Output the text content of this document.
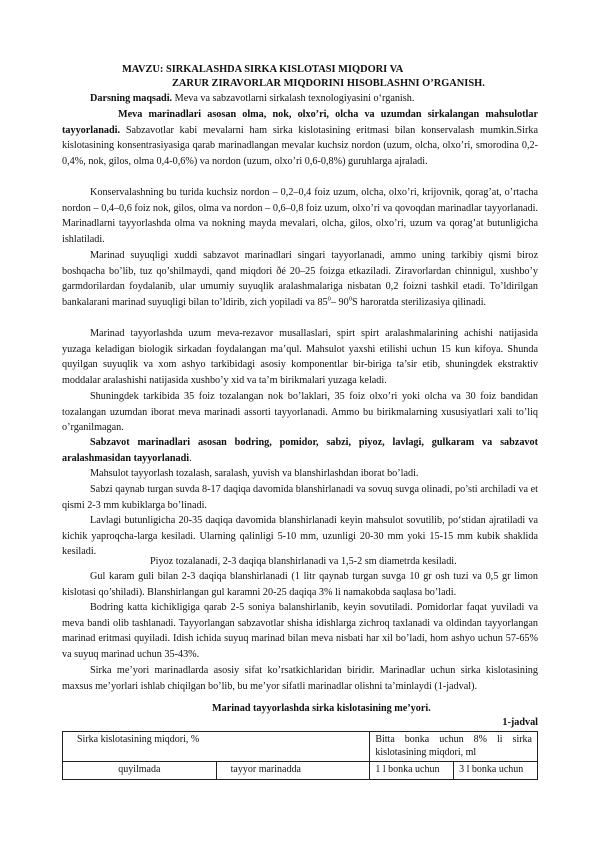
MAVZU: SIRKALASHDA SIRKA KISLOTASI MIQDORI VA
ZARUR ZIRAVORLAR MIQDORINI HISOBLASHNI O’RGANISH.
Darsning maqsadi. Meva va sabzavotlarni sirkalash texnologiyasini o‘rganish.
Meva marinadlari asosan olma, nok, olxo’ri, olcha va uzumdan sirkalangan mahsulotlar tayyorlanadi. Sabzavotlar kabi mevalarni ham sirka kislotasining eritmasi bilan konservalash mumkin.Sirka kislotasining konsentrasiyasiga qarab marinadlangan mevalar kuchsiz nordon (uzum, olcha, olxo’ri, smorodina 0,2-0,4%, nok, gilos, olma 0,4-0,6%) va nordon (uzum, olxo’ri 0,6-0,8%) guruhlarga ajraladi.
Konservalashning bu turida kuchsiz nordon – 0,2–0,4 foiz uzum, olcha, olxo’ri, krijovnik, qorag’at, o’rtacha nordon – 0,4–0,6 foiz nok, gilos, olma va nordon – 0,6–0,8 foiz uzum, olxo’ri va qovoqdan marinadlar tayyorlanadi. Marinadlarni tayyorlashda olma va nokning mayda mevalari, olcha, gilos, olxo’ri, uzum va qorag’at butunligicha ishlatiladi.
Marinad suyuqligi xuddi sabzavot marinadlari singari tayyorlanadi, ammo uning tarkibiy qismi biroz boshqacha bo’lib, tuz qo’shilmaydi, qand miqdori ðé 20–25 foizga etkaziladi. Ziravorlardan chinnigul, xushbo’y garmdorilardan foydalanib, ular umumiy suyuqlik aralashmalariga nisbatan 0,2 foizni tashkil etadi. To’ldirilgan bankalarani marinad suyuqligi bilan to’ldirib, zich yopiladi va $85^0-$ $90^0S$ haroratda sterilizasiya qilinadi.
Marinad tayyorlashda uzum meva-rezavor musallaslari, spirt spirt aralashmalarining achishi natijasida yuzaga keladigan biologik sirkadan foydalangan ma’qul. Mahsulot yaxshi etilishi uchun 15 kun kifoya. Shunda quyilgan suyuqlik va xom ashyo tarkibidagi asosiy komponentlar bir-biriga ta’sir etib, shuningdek ekstraktiv moddalar aralashishi natijasida xushbo’y xid va ta’m birikmalari yuzaga keladi.
Shuningdek tarkibida 35 foiz tozalangan nok bo’laklari, 35 foiz olxo’ri yoki olcha va 30 foiz bandidan tozalangan uzumdan iborat meva marinadi assorti tayyorlanadi. Ammo bu birikmalarning xususiyatlari xali to’liq o’rganilmagan.
Sabzavot marinadlari asosan bodring, pomidor, sabzi, piyoz, lavlagi, gulkaram va sabzavot aralashmasidan tayyorlanadi.
Mahsulot tayyorlash tozalash, saralash, yuvish va blanshirlashdan iborat bo’ladi.
Sabzi qaynab turgan suvda 8-17 daqiqa davomida blanshirlanadi va sovuq suvga olinadi, po’sti archiladi va et qismi 2-3 mm kubiklarga bo’linadi.
Lavlagi butunligicha 20-35 daqiqa davomida blanshirlanadi keyin mahsulot sovutilib, po‘stidan ajratiladi va kichik yaproqcha-larga kesiladi. Ularning qalinligi 5-10 mm, uzunligi 20-30 mm yoki 15-15 mm kubik shaklida kesiladi.
Piyoz tozalanadi, 2-3 daqiqa blanshirlanadi va 1,5-2 sm diametrda kesiladi.
Gul karam guli bilan 2-3 daqiqa blanshirlanadi (1 litr qaynab turgan suvga 10 gr osh tuzi va 0,5 gr limon kislotasi qo’shiladi). Blanshirlangan gul karamni 20-25 daqiqa 3% li namakobda saqlasa bo’ladi.
Bodring katta kichikligiga qarab 2-5 soniya balanshirlanib, keyin sovutiladi. Pomidorlar faqat yuviladi va meva bandi olib tashlanadi. Tayyorlangan sabzavotlar shisha idishlarga zichroq taxlanadi va oldindan tayyorlangan marinad eritmasi quyiladi. Idish ichida suyuq marinad bilan meva nisbati har xil bo’ladi, hom ashyo uchun 57-65% va suyuq marinad uchun 35-43%.
Sirka me’yori marinadlarda asosiy sifat ko’rsatkichlaridan biridir. Marinadlar uchun sirka kislotasining maxsus me’yorlari ishlab chiqilgan bo’lib, bu me’yor sifatli marinadlar olishni ta’minlaydi (1-jadval).
Marinad tayyorlashda sirka kislotasining me’yori.
1-jadval
Sirka kislotasining miqdori, %		Bitta bonka uchun 8% li sirka kislotasining miqdori, ml	
quyilmada	tayyor marinadda	1 l bonka uchun	3 l bonka uchun
